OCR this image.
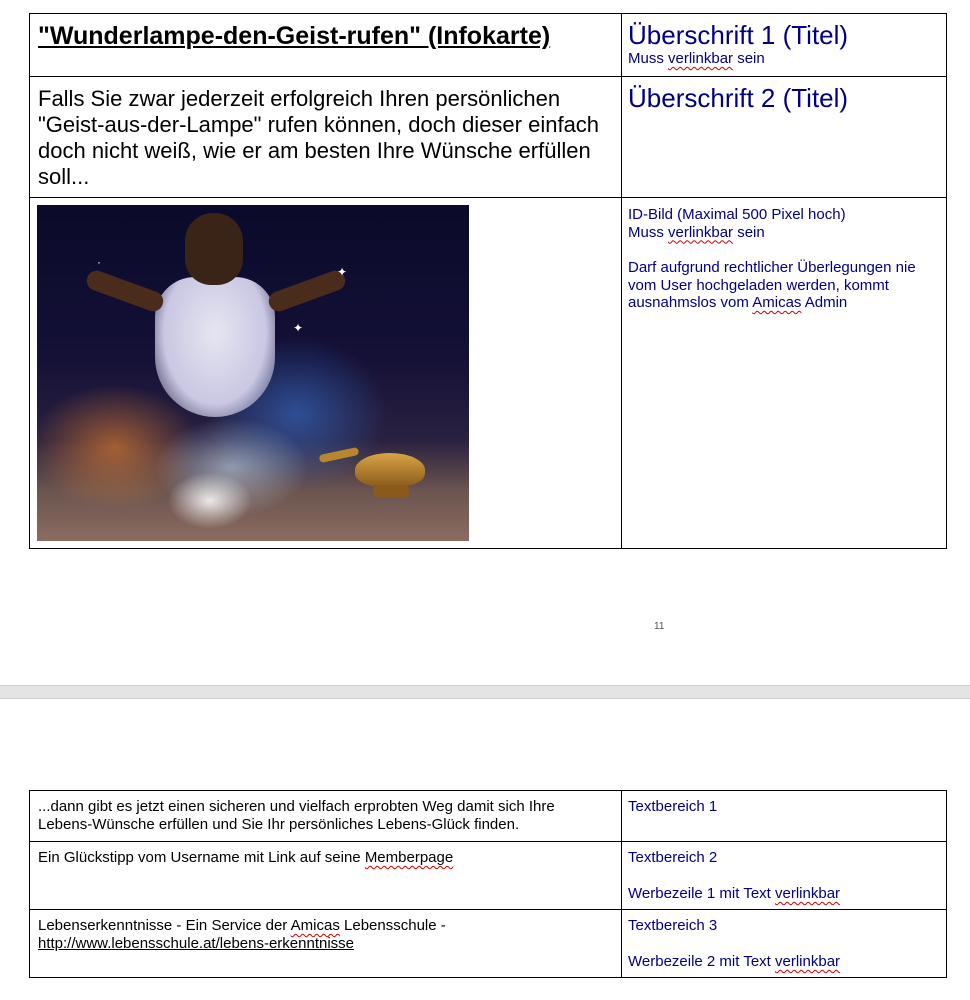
"Wunderlampe-den-Geist-rufen" (Infokarte)	Überschrift 1 (Titel)
Muss verlinkbar sein

Falls Sie zwar jederzeit erfolgreich Ihren persönlichen "Geist-aus-der-Lampe" rufen können, doch dieser einfach doch nicht weiß, wie er am besten Ihre Wünsche erfüllen soll...	Überschrift 2 (Titel)

✦
✦
·	ID-Bild (Maximal 500 Pixel hoch)
Muss verlinkbar sein
Darf aufgrund rechtlicher Überlegungen nie vom User hochgeladen werden, kommt ausnahmslos vom Amicas Admin
11
...dann gibt es jetzt einen sicheren und vielfach erprobten Weg damit sich Ihre Lebens-Wünsche erfüllen und Sie Ihr persönliches Lebens-Glück finden.	Textbereich 1

Ein Glückstipp vom Username mit Link auf seine Memberpage	Textbereich 2
Werbezeile 1 mit Text verlinkbar

Lebenserkenntnisse - Ein Service der Amicas Lebensschule -
http://www.lebensschule.at/lebens-erkenntnisse	Textbereich 3
Werbezeile 2 mit Text verlinkbar
